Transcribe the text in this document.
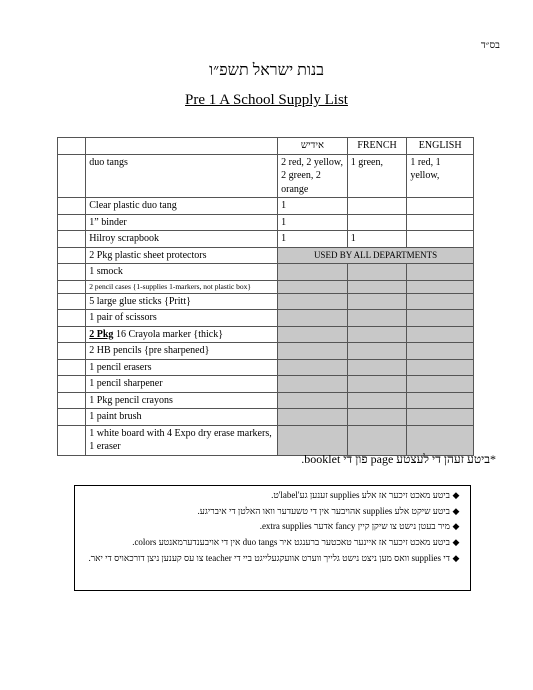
בס״ד
בנות ישראל תשפ״ו
Pre 1 A School Supply List
		אידיש	FRENCH	ENGLISH
	duo tangs	2 red, 2 yellow, 2 green, 2 orange	1 green,	1 red, 1 yellow,
	Clear plastic duo tang	1		
	1” binder	1		
	Hilroy scrapbook	1	1	
	2 Pkg plastic sheet protectors	USED BY ALL DEPARTMENTS		
	1 smock			
	2 pencil cases {1-supplies 1-markers, not plastic box}			
	5 large glue sticks {Pritt}			
	1 pair of scissors			
	2 Pkg 16 Crayola marker {thick}			
	2 HB pencils {pre sharpened}			
	1 pencil erasers			
	1 pencil sharpener			
	1 Pkg pencil crayons			
	1 paint brush			
	1 white board with 4 Expo dry erase markers, 1 eraser			
*ביטע זעהן די לעצטע page פון די booklet.
◆
ביטע מאכט זיכער אז אלע supplies זענען גע'label'ט.
◆
ביטע שיקט אלע supplies אהויבער אין די טשעדער וואו האלטן די איבריגע.
◆
מיר בעטן נישט צו שיקן קיין fancy אדער extra supplies.
◆
ביטע מאכט זיכער אז איינער טאכטער ברענגט איר duo tangs אין די אויבענדערמאנטע colors.
◆
די supplies וואס מען ניצט נישט גלייך ווערט אוועקגעלייגט ביי די teacher צו עס קענען ניצן דורכאויס די יאר.
